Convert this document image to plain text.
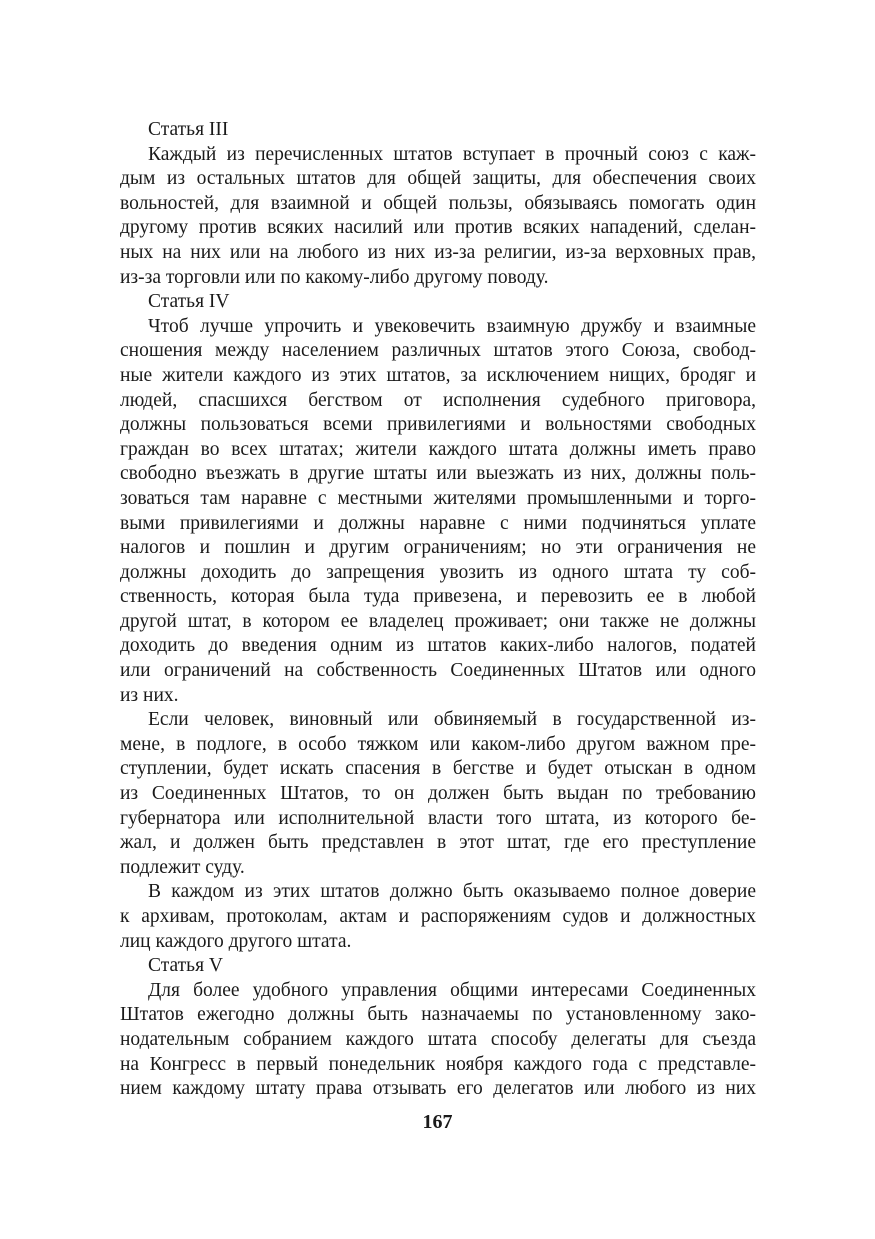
Статья III
Каждый из перечисленных штатов вступает в прочный союз с каж-
дым из остальных штатов для общей защиты, для обеспечения своих
вольностей, для взаимной и общей пользы, обязываясь помогать один
другому против всяких насилий или против всяких нападений, сделан-
ных на них или на любого из них из-за религии, из-за верховных прав,
из-за торговли или по какому-либо другому поводу.
Статья IV
Чтоб лучше упрочить и увековечить взаимную дружбу и взаимные
сношения между населением различных штатов этого Союза, свобод-
ные жители каждого из этих штатов, за исключением нищих, бродяг и
людей, спасшихся бегством от исполнения судебного приговора,
должны пользоваться всеми привилегиями и вольностями свободных
граждан во всех штатах; жители каждого штата должны иметь право
свободно въезжать в другие штаты или выезжать из них, должны поль-
зоваться там наравне с местными жителями промышленными и торго-
выми привилегиями и должны наравне с ними подчиняться уплате
налогов и пошлин и другим ограничениям; но эти ограничения не
должны доходить до запрещения увозить из одного штата ту соб-
ственность, которая была туда привезена, и перевозить ее в любой
другой штат, в котором ее владелец проживает; они также не должны
доходить до введения одним из штатов каких-либо налогов, податей
или ограничений на собственность Соединенных Штатов или одного
из них.
Если человек, виновный или обвиняемый в государственной из-
мене, в подлоге, в особо тяжком или каком-либо другом важном пре-
ступлении, будет искать спасения в бегстве и будет отыскан в одном
из Соединенных Штатов, то он должен быть выдан по требованию
губернатора или исполнительной власти того штата, из которого бе-
жал, и должен быть представлен в этот штат, где его преступление
подлежит суду.
В каждом из этих штатов должно быть оказываемо полное доверие
к архивам, протоколам, актам и распоряжениям судов и должностных
лиц каждого другого штата.
Статья V
Для более удобного управления общими интересами Соединенных
Штатов ежегодно должны быть назначаемы по установленному зако-
нодательным собранием каждого штата способу делегаты для съезда
на Конгресс в первый понедельник ноября каждого года с представле-
нием каждому штату права отзывать его делегатов или любого из них
167
